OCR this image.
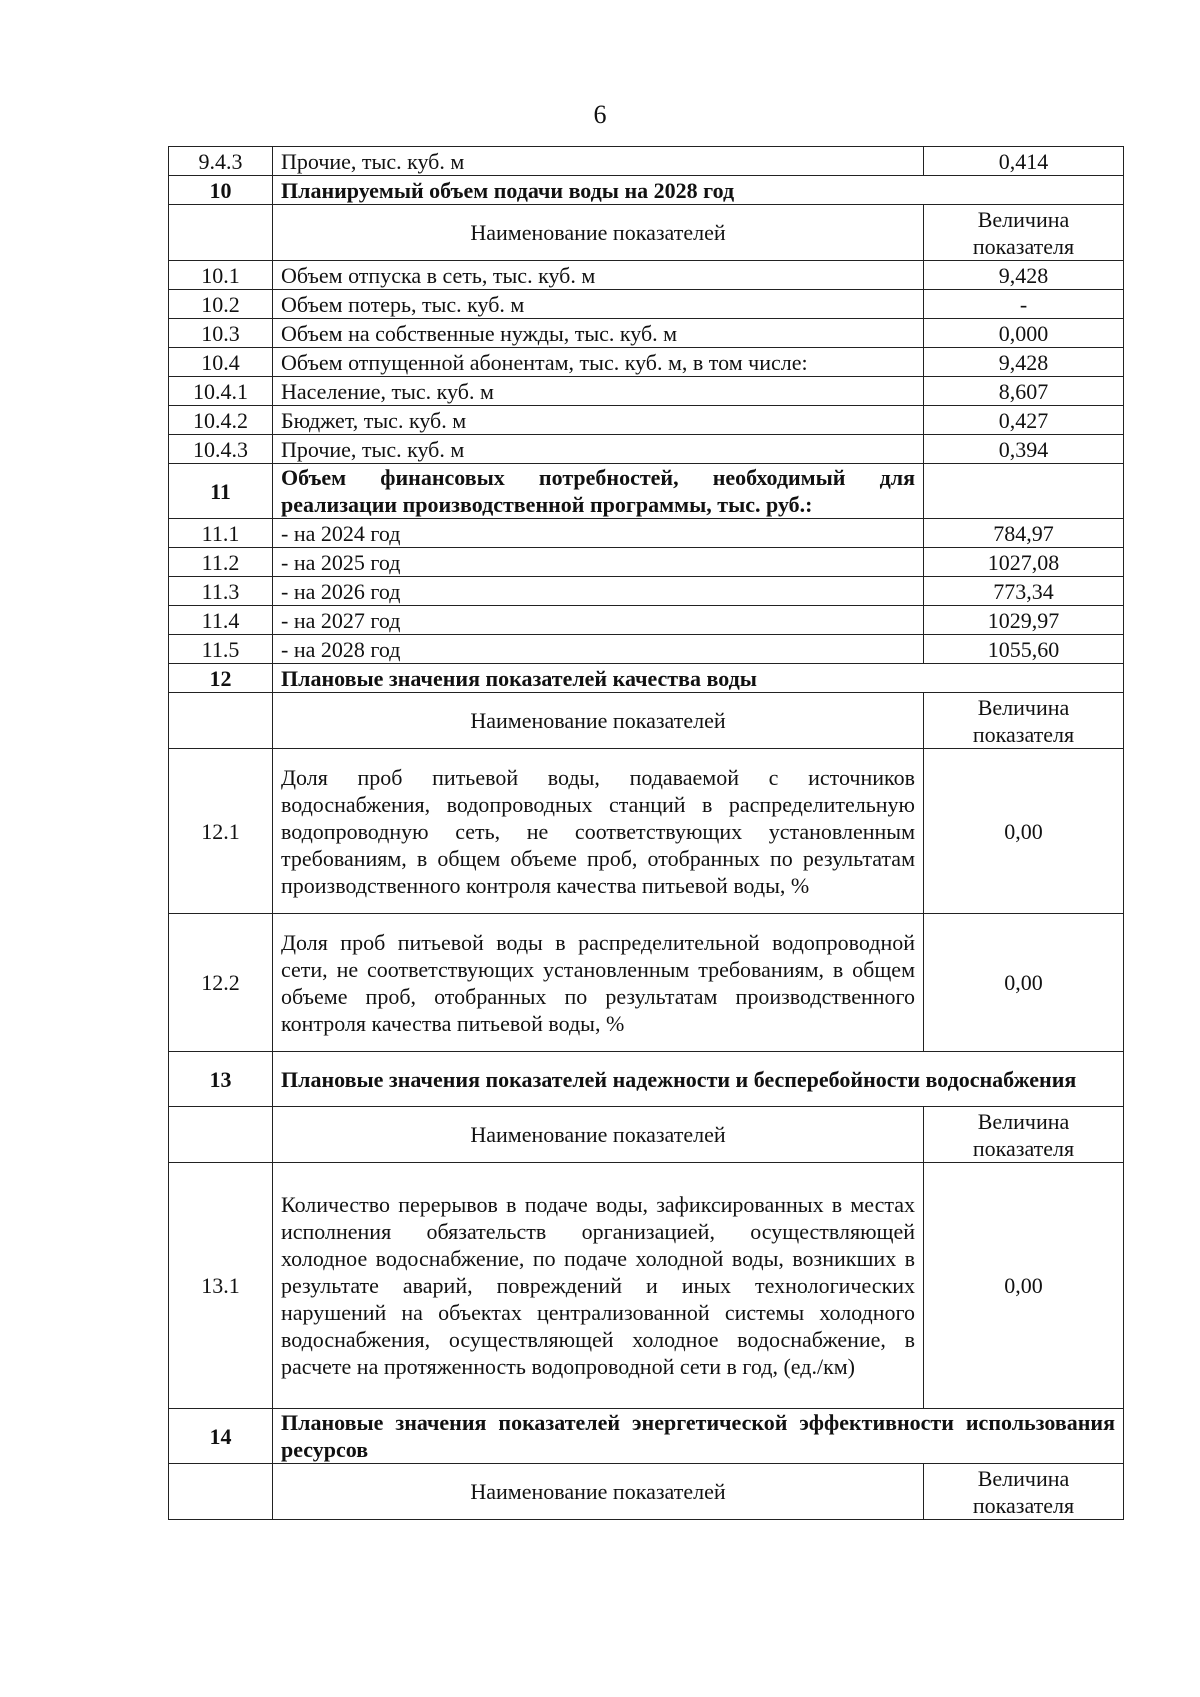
6
9.4.3	Прочие, тыс. куб. м	0,414
10	Планируемый объем подачи воды на 2028 год	
	Наименование показателей	Величина показателя
10.1	Объем отпуска в сеть, тыс. куб. м	9,428
10.2	Объем потерь, тыс. куб. м	-
10.3	Объем на собственные нужды, тыс. куб. м	0,000
10.4	Объем отпущенной абонентам, тыс. куб. м, в том числе:	9,428
10.4.1	Население, тыс. куб. м	8,607
10.4.2	Бюджет, тыс. куб. м	0,427
10.4.3	Прочие, тыс. куб. м	0,394
11	Объем финансовых потребностей, необходимый для реализации производственной программы, тыс. руб.:	
11.1	- на 2024 год	784,97
11.2	- на 2025 год	1027,08
11.3	- на 2026 год	773,34
11.4	- на 2027 год	1029,97
11.5	- на 2028 год	1055,60
12	Плановые значения показателей качества воды	
	Наименование показателей	Величина показателя
12.1	Доля проб питьевой воды, подаваемой с источников водоснабжения, водопроводных станций в распределительную водопроводную сеть, не соответствующих установленным требованиям, в общем объеме проб, отобранных по результатам производственного контроля качества питьевой воды, %	0,00
12.2	Доля проб питьевой воды в распределительной водопроводной сети, не соответствующих установленным требованиям, в общем объеме проб, отобранных по результатам производственного контроля качества питьевой воды, %	0,00
13	Плановые значения показателей надежности и бесперебойности водоснабжения	
	Наименование показателей	Величина показателя
13.1	Количество перерывов в подаче воды, зафиксированных в местах исполнения обязательств организацией, осуществляющей холодное водоснабжение, по подаче холодной воды, возникших в результате аварий, повреждений и иных технологических нарушений на объектах централизованной системы холодного водоснабжения, осуществляющей холодное водоснабжение, в расчете на протяженность водопроводной сети в год, (ед./км)	0,00
14	Плановые значения показателей энергетической эффективности использования ресурсов	
	Наименование показателей	Величина показателя
